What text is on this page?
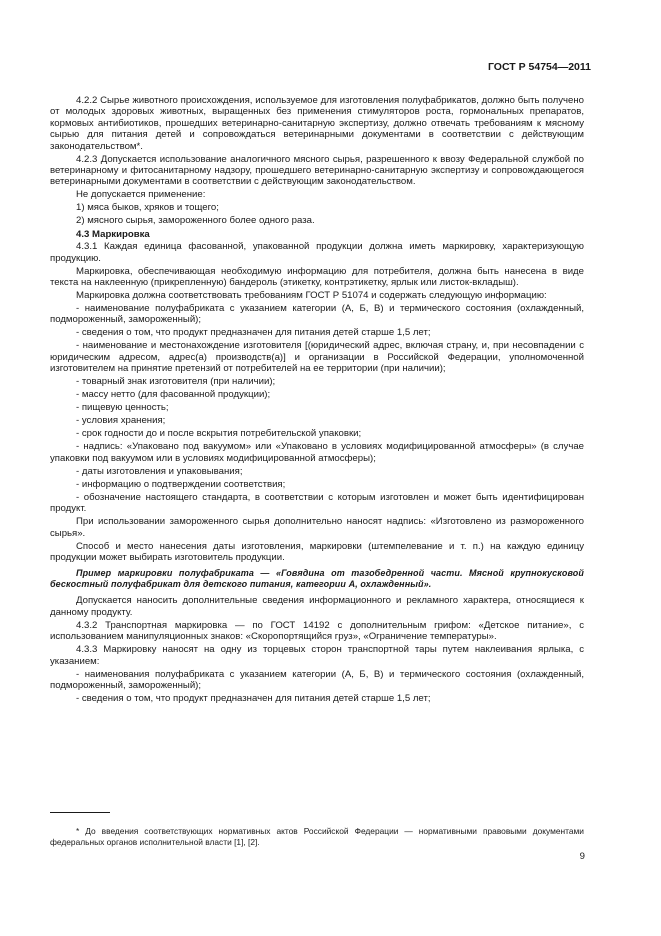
ГОСТ Р 54754—2011

4.2.2 Сырье животного происхождения, используемое для изготовления полуфабрикатов, должно быть получено от молодых здоровых животных, выращенных без применения стимуляторов роста, гормональных препаратов, кормовых антибиотиков, прошедших ветеринарно-санитарную экспертизу, должно отвечать требованиям к мясному сырью для питания детей и сопровождаться ветеринарными документами в соответствии с действующим законодательством*.

4.2.3 Допускается использование аналогичного мясного сырья, разрешенного к ввозу Федеральной службой по ветеринарному и фитосанитарному надзору, прошедшего ветеринарно-санитарную экспертизу и сопровождающегося ветеринарными документами в соответствии с действующим законодательством.

Не допускается применение:

1) мяса быков, хряков и тощего;

2) мясного сырья, замороженного более одного раза.

4.3 Маркировка

4.3.1 Каждая единица фасованной, упакованной продукции должна иметь маркировку, характеризующую продукцию.

Маркировка, обеспечивающая необходимую информацию для потребителя, должна быть нанесена в виде текста на наклеенную (прикрепленную) бандероль (этикетку, контрэтикетку, ярлык или листок-вкладыш).

Маркировка должна соответствовать требованиям ГОСТ Р 51074 и содержать следующую информацию:

- наименование полуфабриката с указанием категории (А, Б, В) и термического состояния (охлажденный, подмороженный, замороженный);

- сведения о том, что продукт предназначен для питания детей старше 1,5 лет;

- наименование и местонахождение изготовителя [(юридический адрес, включая страну, и, при несовпадении с юридическим адресом, адрес(а) производств(а)] и организации в Российской Федерации, уполномоченной изготовителем на принятие претензий от потребителей на ее территории (при наличии);

- товарный знак изготовителя (при наличии);

- массу нетто (для фасованной продукции);

- пищевую ценность;

- условия хранения;

- срок годности до и после вскрытия потребительской упаковки;

- надпись: «Упаковано под вакуумом» или «Упаковано в условиях модифицированной атмосферы» (в случае упаковки под вакуумом или в условиях модифицированной атмосферы);

- даты изготовления и упаковывания;

- информацию о подтверждении соответствия;

- обозначение настоящего стандарта, в соответствии с которым изготовлен и может быть идентифицирован продукт.

При использовании замороженного сырья дополнительно наносят надпись: «Изготовлено из размороженного сырья».

Способ и место нанесения даты изготовления, маркировки (штемпелевание и т. п.) на каждую единицу продукции может выбирать изготовитель продукции.

Пример маркировки полуфабриката — «Говядина от тазобедренной части. Мясной крупнокусковой бескостный полуфабрикат для детского питания, категории А, охлажденный».

Допускается наносить дополнительные сведения информационного и рекламного характера, относящиеся к данному продукту.

4.3.2 Транспортная маркировка — по ГОСТ 14192 с дополнительным грифом: «Детское питание», с использованием манипуляционных знаков: «Скоропортящийся груз», «Ограничение температуры».

4.3.3 Маркировку наносят на одну из торцевых сторон транспортной тары путем наклеивания ярлыка, с указанием:

- наименования полуфабриката с указанием категории (А, Б, В) и термического состояния (охлажденный, подмороженный, замороженный);

- сведения о том, что продукт предназначен для питания детей старше 1,5 лет;

* До введения соответствующих нормативных актов Российской Федерации — нормативными правовыми документами федеральных органов исполнительной власти [1], [2].

9
